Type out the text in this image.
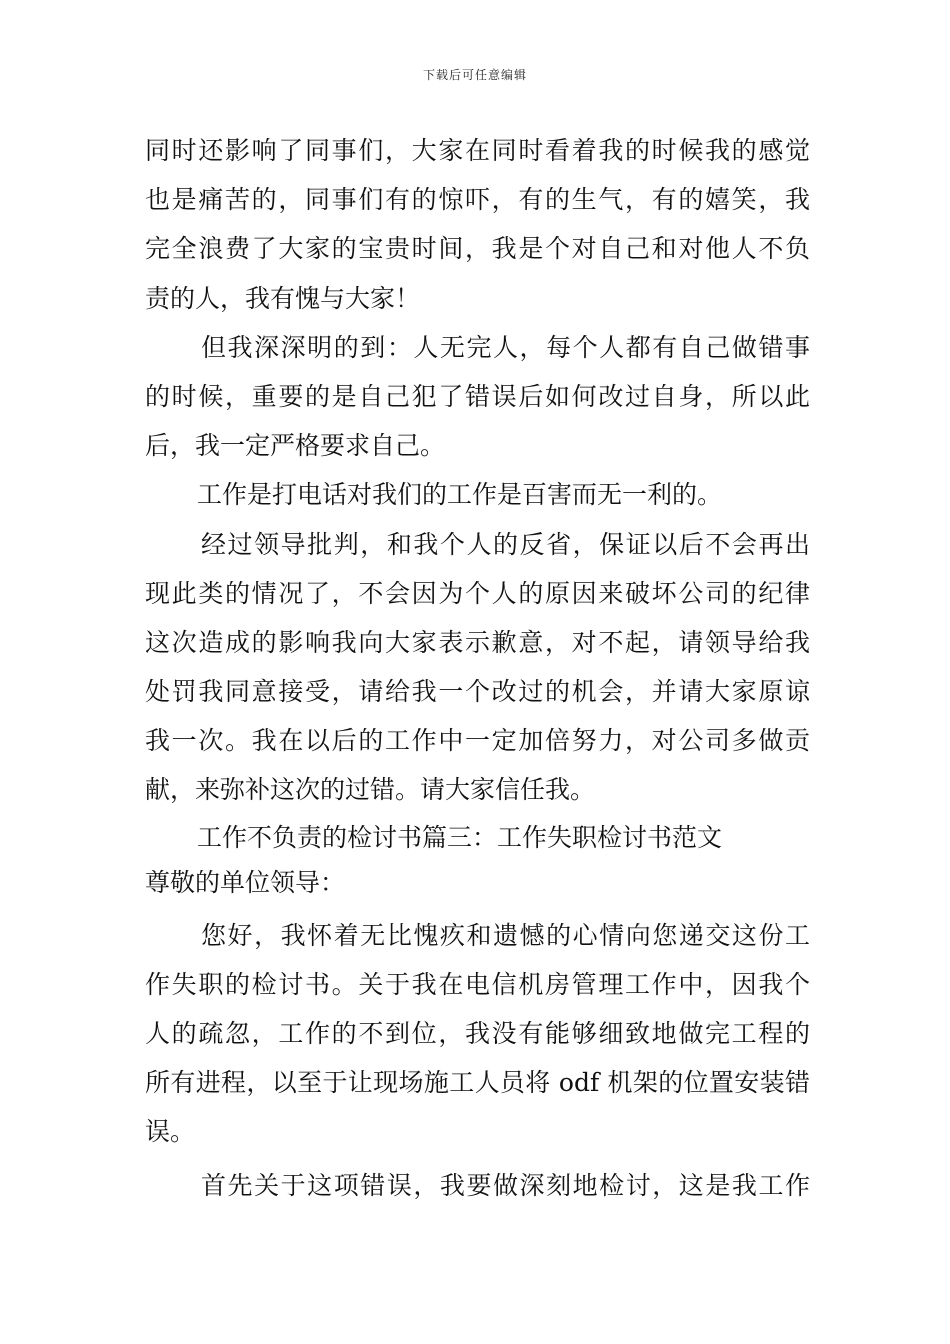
下载后可任意编辑
同时还影响了同事们，大家在同时看着我的时候我的感觉
也是痛苦的，同事们有的惊吓，有的生气，有的嬉笑，我
完全浪费了大家的宝贵时间，我是个对自己和对他人不负
责的人，我有愧与大家！
但我深深明的到：人无完人，每个人都有自己做错事
的时候，重要的是自己犯了错误后如何改过自身，所以此
后，我一定严格要求自己。
工作是打电话对我们的工作是百害而无一利的。
经过领导批判，和我个人的反省，保证以后不会再出
现此类的情况了，不会因为个人的原因来破坏公司的纪律
这次造成的影响我向大家表示歉意，对不起，请领导给我
处罚我同意接受，请给我一个改过的机会，并请大家原谅
我一次。我在以后的工作中一定加倍努力，对公司多做贡
献，来弥补这次的过错。请大家信任我。
工作不负责的检讨书篇三：工作失职检讨书范文
尊敬的单位领导：
您好，我怀着无比愧疚和遗憾的心情向您递交这份工
作失职的检讨书。关于我在电信机房管理工作中，因我个
人的疏忽，工作的不到位，我没有能够细致地做完工程的
所有进程，以至于让现场施工人员将 odf 机架的位置安装错
误。
首先关于这项错误，我要做深刻地检讨，这是我工作
